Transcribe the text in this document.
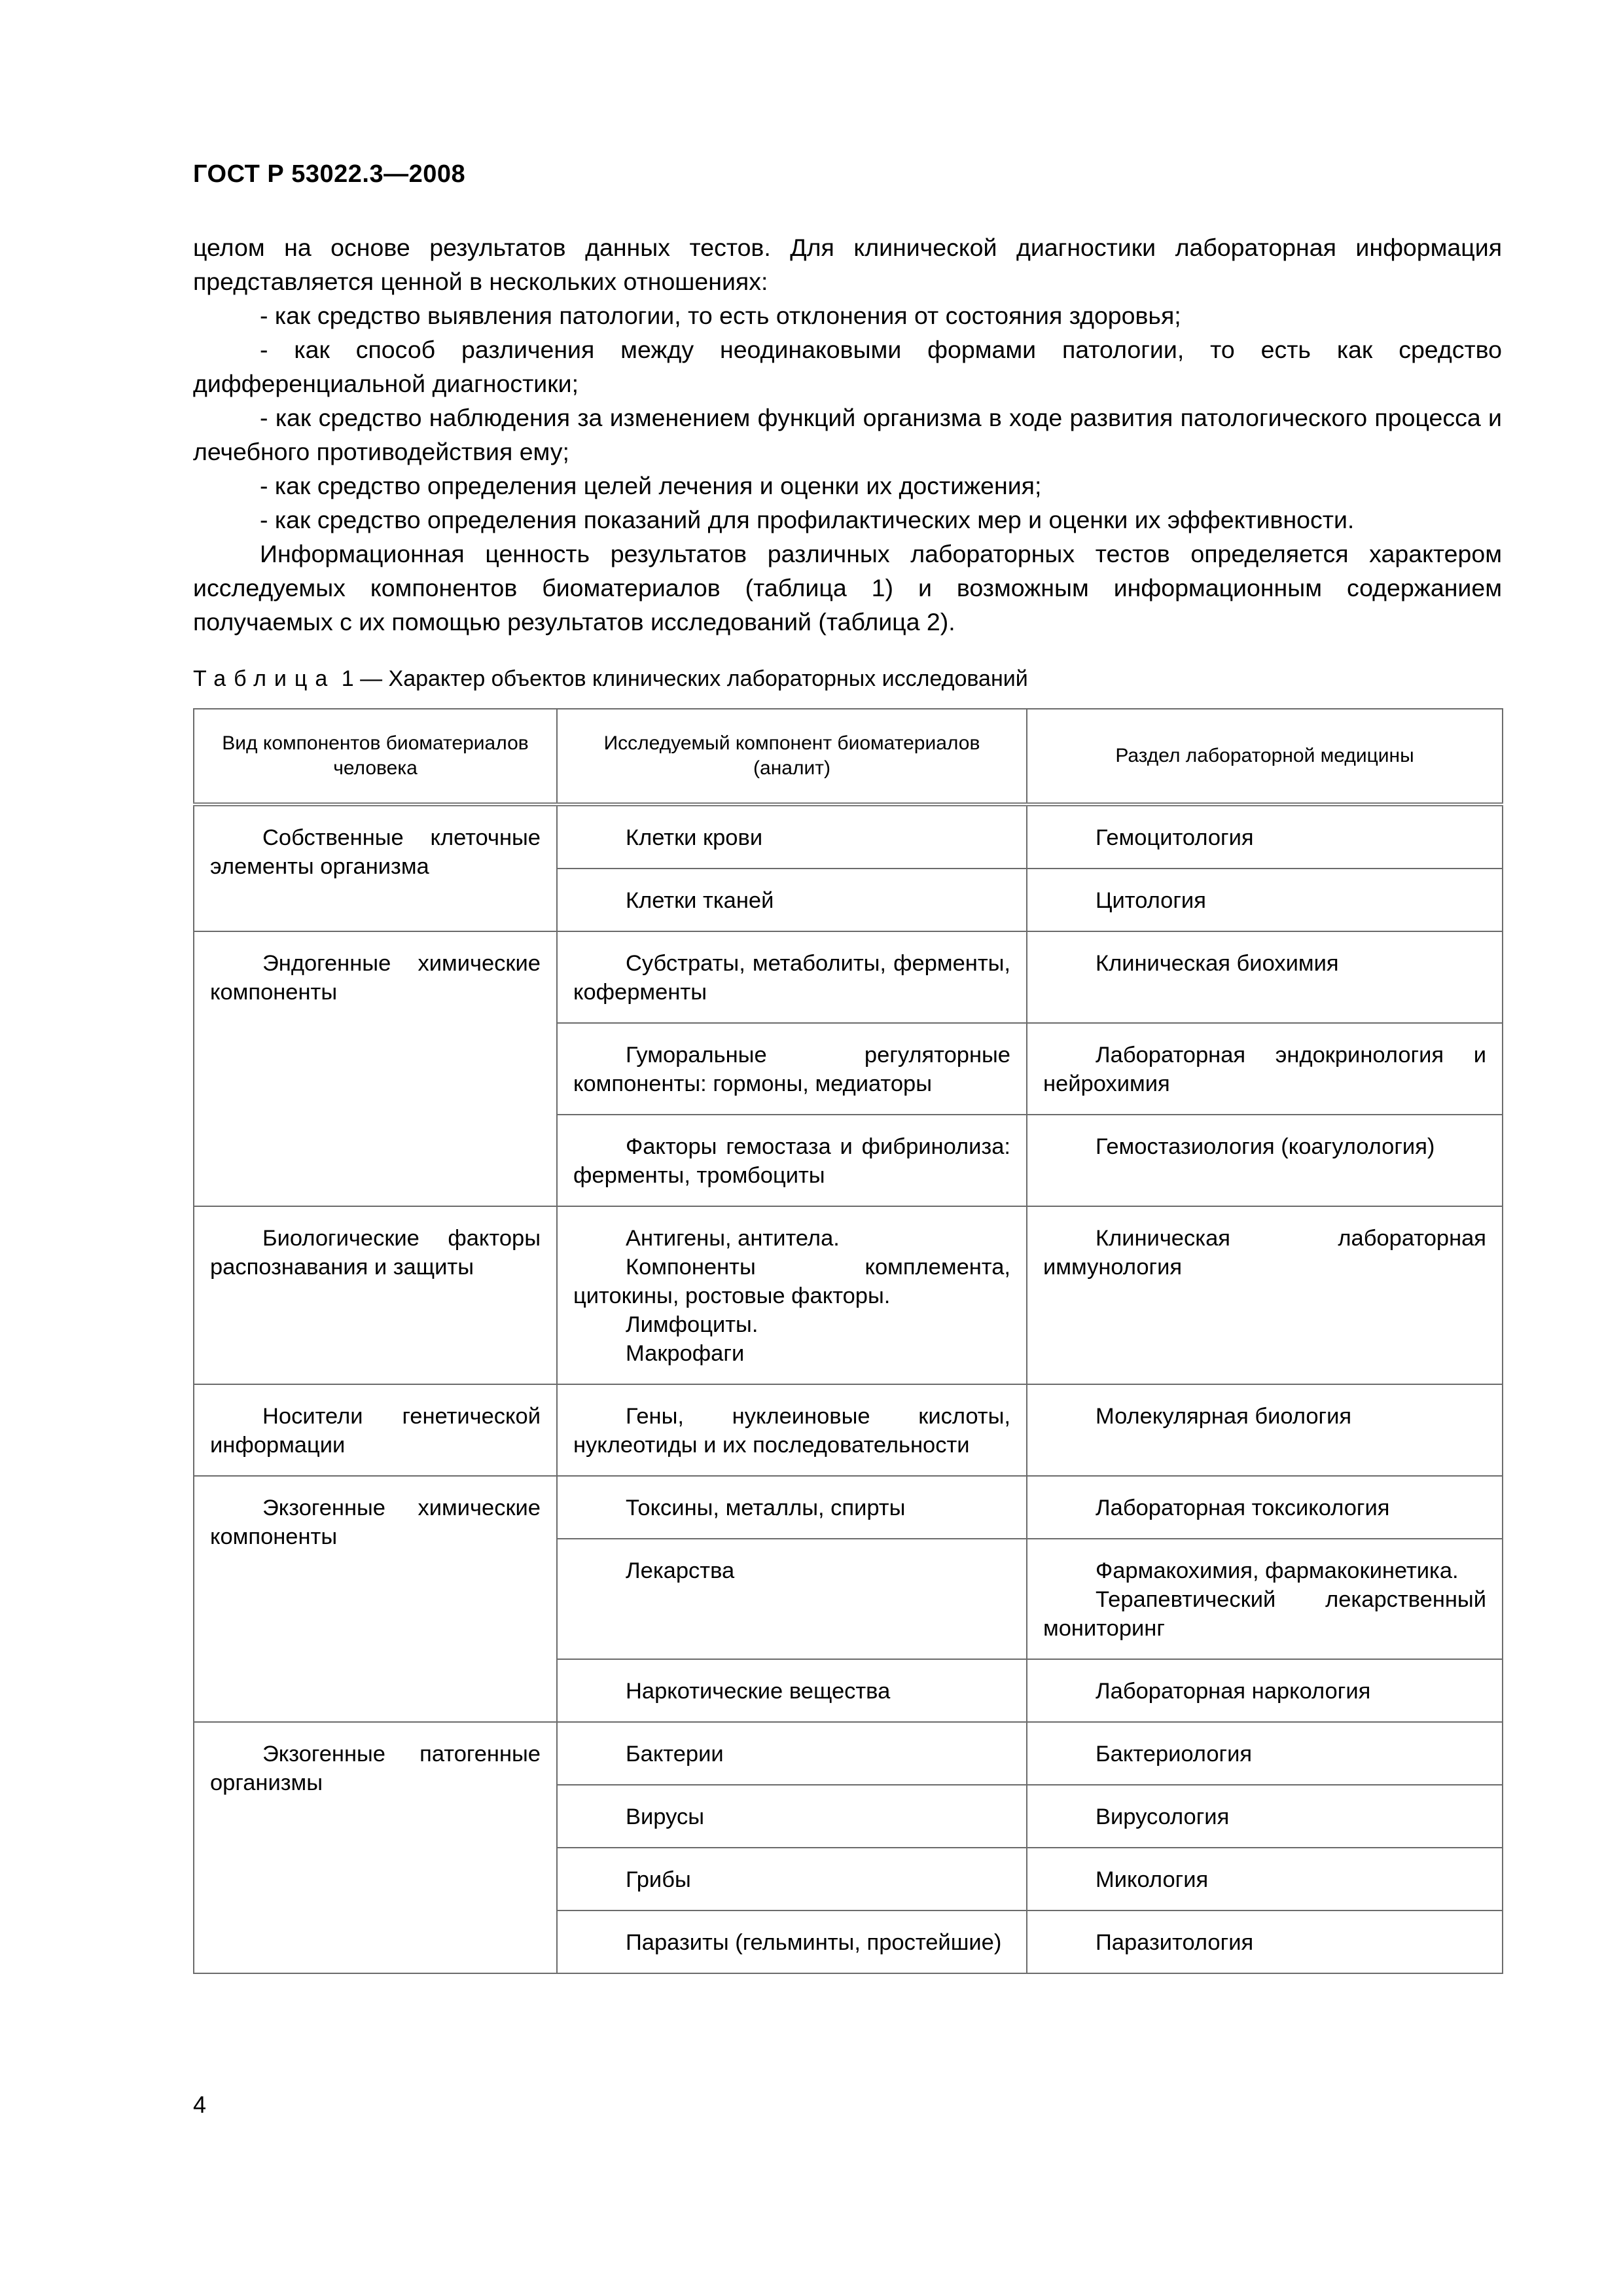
ГОСТ Р 53022.3—2008

целом на основе результатов данных тестов. Для клинической диагностики лабораторная информация представляется ценной в нескольких отношениях:

- как средство выявления патологии, то есть отклонения от состояния здоровья;

- как способ различения между неодинаковыми формами патологии, то есть как средство дифференциальной диагностики;

- как средство наблюдения за изменением функций организма в ходе развития патологического процесса и лечебного противодействия ему;

- как средство определения целей лечения и оценки их достижения;

- как средство определения показаний для профилактических мер и оценки их эффективности.

Информационная ценность результатов различных лабораторных тестов определяется характером исследуемых компонентов биоматериалов (таблица 1) и возможным информационным содержанием получаемых с их помощью результатов исследований (таблица 2).

Таблица 1 — Характер объектов клинических лабораторных исследований
Вид компонентов биоматериалов человека	Исследуемый компонент биоматериалов (аналит)	Раздел лабораторной медицины

Собственные клеточные элементы организма	Клетки крови	Гемоцитология

	Клетки тканей	Цитология

Эндогенные химические компоненты	Субстраты, метаболиты, ферменты, коферменты	Клиническая биохимия

	Гуморальные регуляторные компоненты: гормоны, медиаторы	Лабораторная эндокринология и нейрохимия

	Факторы гемостаза и фибринолиза: ферменты, тромбоциты	Гемостазиология (коагулология)

Биологические факторы распознавания и защиты	Антигены, антитела.
Компоненты комплемента, цитокины, ростовые факторы.
Лимфоциты.
Макрофаги	Клиническая лабораторная иммунология

Носители генетической информации	Гены, нуклеиновые кислоты, нуклеотиды и их последовательности	Молекулярная биология

Экзогенные химические компоненты	Токсины, металлы, спирты	Лабораторная токсикология

	Лекарства	Фармакохимия, фармакокинетика.
Терапевтический лекарственный мониторинг

	Наркотические вещества	Лабораторная наркология

Экзогенные патогенные организмы	Бактерии	Бактериология

	Вирусы	Вирусология

	Грибы	Микология

	Паразиты (гельминты, простейшие)	Паразитология
4
